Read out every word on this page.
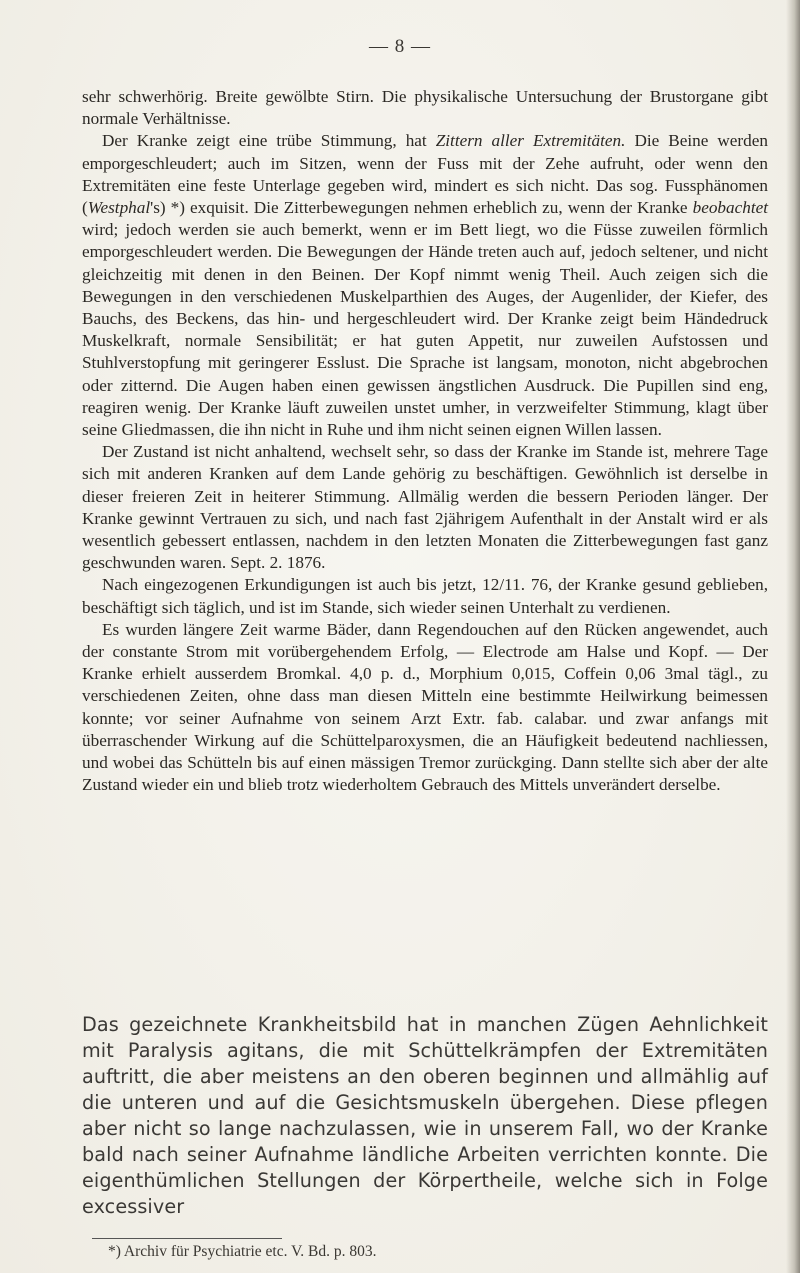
— 8 —

sehr schwerhörig. Breite gewölbte Stirn. Die physikalische Untersuchung der Brustorgane gibt normale Verhältnisse.

Der Kranke zeigt eine trübe Stimmung, hat Zittern aller Extremitäten. Die Beine werden emporgeschleudert; auch im Sitzen, wenn der Fuss mit der Zehe aufruht, oder wenn den Extremitäten eine feste Unterlage gegeben wird, mindert es sich nicht. Das sog. Fussphänomen (Westphal's) *) exquisit. Die Zitterbewegungen nehmen erheblich zu, wenn der Kranke beobachtet wird; jedoch werden sie auch bemerkt, wenn er im Bett liegt, wo die Füsse zuweilen förmlich emporgeschleudert werden. Die Bewegungen der Hände treten auch auf, jedoch seltener, und nicht gleichzeitig mit denen in den Beinen. Der Kopf nimmt wenig Theil. Auch zeigen sich die Bewegungen in den verschiedenen Muskelparthien des Auges, der Augenlider, der Kiefer, des Bauchs, des Beckens, das hin- und hergeschleudert wird. Der Kranke zeigt beim Händedruck Muskelkraft, normale Sensibilität; er hat guten Appetit, nur zuweilen Aufstossen und Stuhlverstopfung mit geringerer Esslust. Die Sprache ist langsam, monoton, nicht abgebrochen oder zitternd. Die Augen haben einen gewissen ängstlichen Ausdruck. Die Pupillen sind eng, reagiren wenig. Der Kranke läuft zuweilen unstet umher, in verzweifelter Stimmung, klagt über seine Gliedmassen, die ihn nicht in Ruhe und ihm nicht seinen eignen Willen lassen.

Der Zustand ist nicht anhaltend, wechselt sehr, so dass der Kranke im Stande ist, mehrere Tage sich mit anderen Kranken auf dem Lande gehörig zu beschäftigen. Gewöhnlich ist derselbe in dieser freieren Zeit in heiterer Stimmung. Allmälig werden die bessern Perioden länger. Der Kranke gewinnt Vertrauen zu sich, und nach fast 2jährigem Aufenthalt in der Anstalt wird er als wesentlich gebessert entlassen, nachdem in den letzten Monaten die Zitterbewegungen fast ganz geschwunden waren. Sept. 2. 1876.

Nach eingezogenen Erkundigungen ist auch bis jetzt, 12/11. 76, der Kranke gesund geblieben, beschäftigt sich täglich, und ist im Stande, sich wieder seinen Unterhalt zu verdienen.

Es wurden längere Zeit warme Bäder, dann Regendouchen auf den Rücken angewendet, auch der constante Strom mit vorübergehendem Erfolg, — Electrode am Halse und Kopf. — Der Kranke erhielt ausserdem Bromkal. 4,0 p. d., Morphium 0,015, Coffein 0,06 3mal tägl., zu verschiedenen Zeiten, ohne dass man diesen Mitteln eine bestimmte Heilwirkung beimessen konnte; vor seiner Aufnahme von seinem Arzt Extr. fab. calabar. und zwar anfangs mit überraschender Wirkung auf die Schüttelparoxysmen, die an Häufigkeit bedeutend nachliessen, und wobei das Schütteln bis auf einen mässigen Tremor zurückging. Dann stellte sich aber der alte Zustand wieder ein und blieb trotz wiederholtem Gebrauch des Mittels unverändert derselbe.

Das gezeichnete Krankheitsbild hat in manchen Zügen Aehnlichkeit mit Paralysis agitans, die mit Schüttelkrämpfen der Extremitäten auftritt, die aber meistens an den oberen beginnen und allmählig auf die unteren und auf die Gesichtsmuskeln übergehen. Diese pflegen aber nicht so lange nachzulassen, wie in unserem Fall, wo der Kranke bald nach seiner Aufnahme ländliche Arbeiten verrichten konnte. Die eigenthümlichen Stellungen der Körpertheile, welche sich in Folge excessiver

*) Archiv für Psychiatrie etc. V. Bd. p. 803.
